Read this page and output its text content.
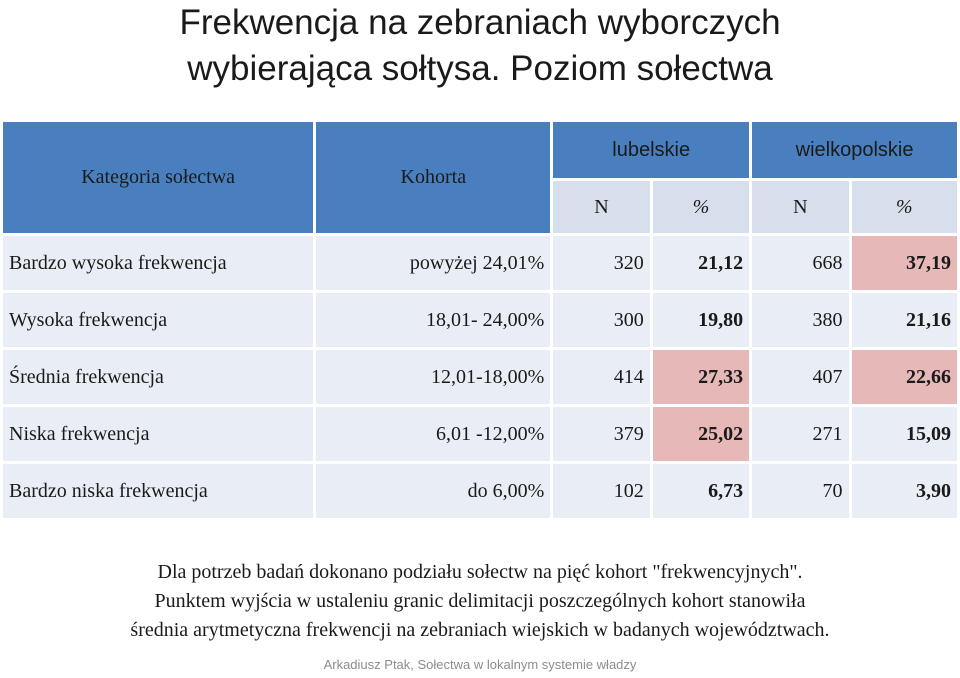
Frekwencja na zebraniach wyborczych
wybierająca sołtysa. Poziom sołectwa
Kategoria sołectwa	Kohorta	lubelskie		wielkopolskie	
		N	%	N	%
Bardzo wysoka frekwencja	powyżej 24,01%	320	21,12	668	37,19
Wysoka frekwencja	18,01- 24,00%	300	19,80	380	21,16
Średnia frekwencja	12,01-18,00%	414	27,33	407	22,66
Niska frekwencja	6,01 -12,00%	379	25,02	271	15,09
Bardzo niska frekwencja	do 6,00%	102	6,73	70	3,90
Dla potrzeb badań dokonano podziału sołectw na pięć kohort "frekwencyjnych".
Punktem wyjścia w ustaleniu granic delimitacji poszczególnych kohort stanowiła
średnia arytmetyczna frekwencji na zebraniach wiejskich w badanych województwach.
Arkadiusz Ptak, Sołectwa w lokalnym systemie władzy
